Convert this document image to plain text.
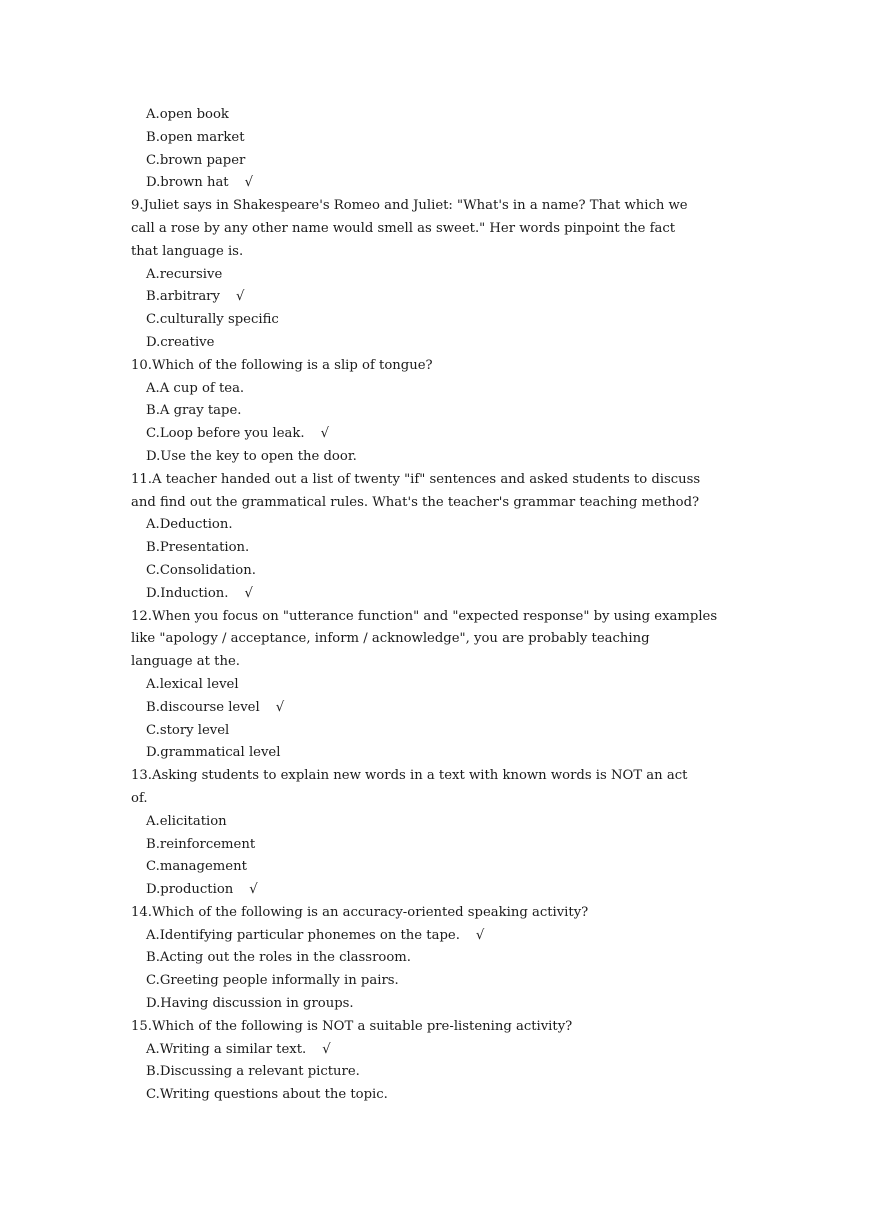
A.open book
B.open market
C.brown paper
D.brown hat √
9.Juliet says in Shakespeare's Romeo and Juliet: "What's in a name? That which we
call a rose by any other name would smell as sweet." Her words pinpoint the fact
that language is.
A.recursive
B.arbitrary √
C.culturally specific
D.creative
10.Which of the following is a slip of tongue?
A.A cup of tea.
B.A gray tape.
C.Loop before you leak. √
D.Use the key to open the door.
11.A teacher handed out a list of twenty "if" sentences and asked students to discuss
and find out the grammatical rules. What's the teacher's grammar teaching method?
A.Deduction.
B.Presentation.
C.Consolidation.
D.Induction. √
12.When you focus on "utterance function" and "expected response" by using examples
like "apology / acceptance, inform / acknowledge", you are probably teaching
language at the.
A.lexical level
B.discourse level √
C.story level
D.grammatical level
13.Asking students to explain new words in a text with known words is NOT an act
of.
A.elicitation
B.reinforcement
C.management
D.production √
14.Which of the following is an accuracy-oriented speaking activity?
A.Identifying particular phonemes on the tape. √
B.Acting out the roles in the classroom.
C.Greeting people informally in pairs.
D.Having discussion in groups.
15.Which of the following is NOT a suitable pre-listening activity?
A.Writing a similar text. √
B.Discussing a relevant picture.
C.Writing questions about the topic.
